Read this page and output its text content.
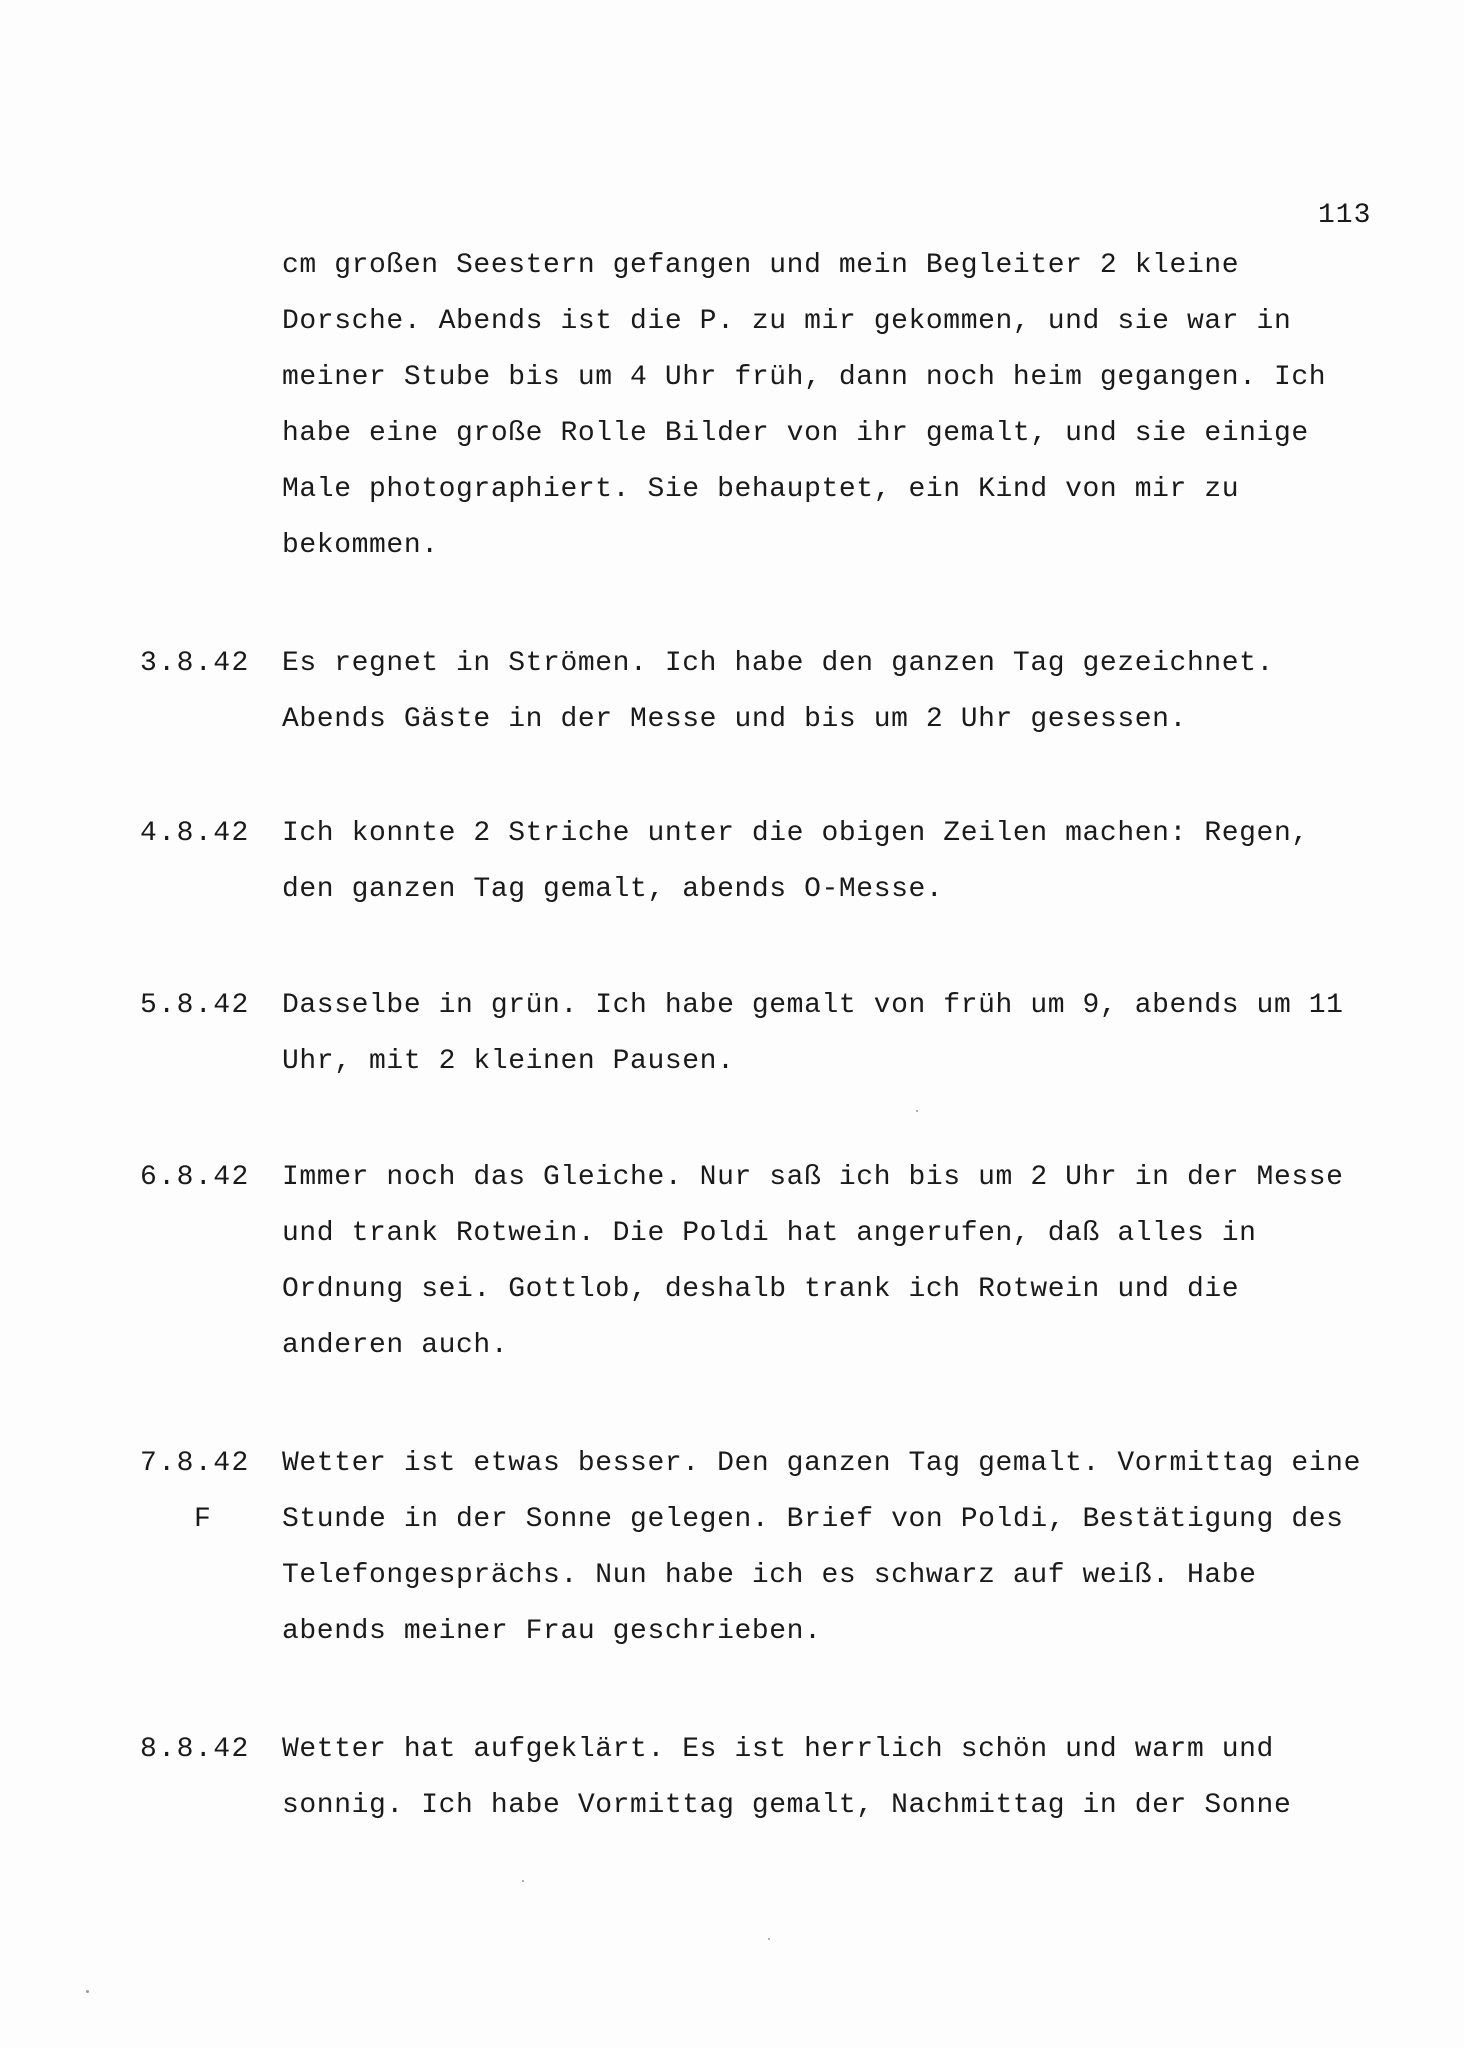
113
cm großen Seestern gefangen und mein Begleiter 2 kleine
Dorsche. Abends ist die P. zu mir gekommen, und sie war in
meiner Stube bis um 4 Uhr früh, dann noch heim gegangen. Ich
habe eine große Rolle Bilder von ihr gemalt, und sie einige
Male photographiert. Sie behauptet, ein Kind von mir zu
bekommen.
3.8.42 Es regnet in Strömen. Ich habe den ganzen Tag gezeichnet.
Abends Gäste in der Messe und bis um 2 Uhr gesessen.
4.8.42 Ich konnte 2 Striche unter die obigen Zeilen machen: Regen,
den ganzen Tag gemalt, abends O-Messe.
5.8.42 Dasselbe in grün. Ich habe gemalt von früh um 9, abends um 11
Uhr, mit 2 kleinen Pausen.
6.8.42 Immer noch das Gleiche. Nur saß ich bis um 2 Uhr in der Messe
und trank Rotwein. Die Poldi hat angerufen, daß alles in
Ordnung sei. Gottlob, deshalb trank ich Rotwein und die
anderen auch.
7.8.42
F
Wetter ist etwas besser. Den ganzen Tag gemalt. Vormittag eine
Stunde in der Sonne gelegen. Brief von Poldi, Bestätigung des
Telefongesprächs. Nun habe ich es schwarz auf weiß. Habe
abends meiner Frau geschrieben.
8.8.42 Wetter hat aufgeklärt. Es ist herrlich schön und warm und
sonnig. Ich habe Vormittag gemalt, Nachmittag in der Sonne
